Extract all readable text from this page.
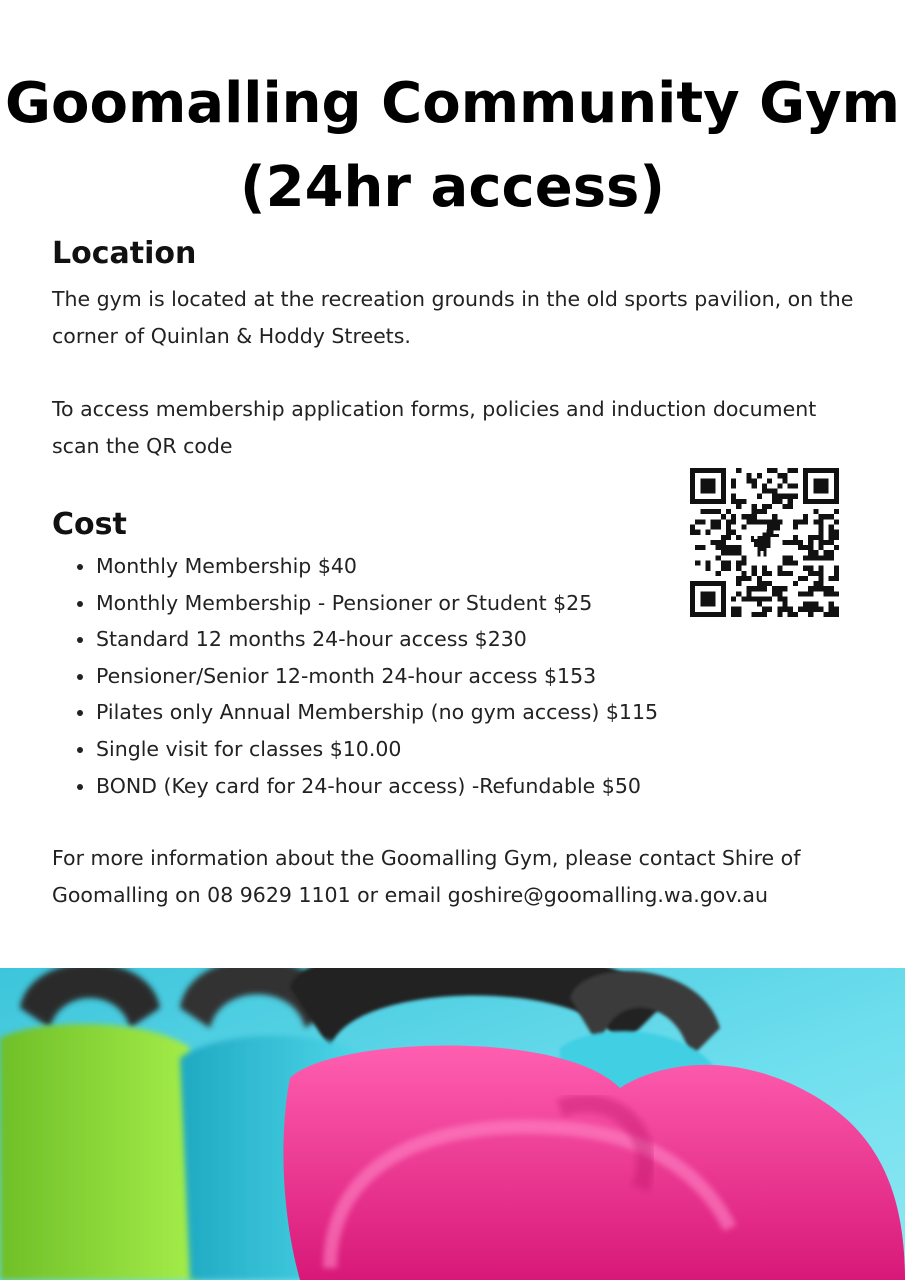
Goomalling Community Gym
(24hr access)
Location

The gym is located at the recreation grounds in the old sports pavilion, on the corner of Quinlan & Hoddy Streets.

To access membership application forms, policies and induction document scan the QR code

Cost
• Monthly Membership $40
• Monthly Membership - Pensioner or Student $25
• Standard 12 months 24-hour access $230
• Pensioner/Senior 12-month 24-hour access $153
• Pilates only Annual Membership (no gym access) $115
• Single visit for classes $10.00
• BOND (Key card for 24-hour access) -Refundable $50

For more information about the Goomalling Gym, please contact Shire of Goomalling on 08 9629 1101 or email goshire@goomalling.wa.gov.au
